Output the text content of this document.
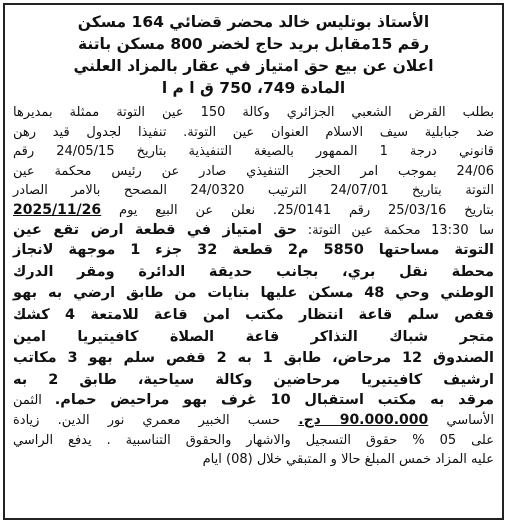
الأستاذ بوتليس خالد محضر قضائي 164 مسكن
رقم 15مقابل بريد حاج لخضر 800 مسكن باتنة
اعلان عن بيع حق امتياز في عقار بالمزاد العلني
المادة 749، 750 ق ا م ا
بطلب القرض الشعبي الجزائري وكالة 150 عين التوتة ممثلة بمديرها
ضد جبابلية سيف الاسلام العنوان عين التوتة. تنفيذا لجدول قيد رهن
قانوني درجة 1 الممهور بالصيغة التنفيذية بتاريخ 24/05/15 رقم
24/06 بموجب امر الحجز التنفيذي صادر عن رئيس محكمة عين
التوتة بتاريخ 24/07/01 الترتيب 24/0320 المصحح بالامر الصادر
بتاريخ 25/03/16 رقم 25/0141. نعلن عن البيع يوم 2025/11/26
سا 13:30 محكمة عين التوتة: حق امتياز في قطعة ارض تقع عين
التوتة مساحتها 5850 م2 قطعة 32 جزء 1 موجهة لانجاز
محطة نقل بري، بجانب حديقة الدائرة ومقر الدرك
الوطني وحي 48 مسكن عليها بنايات من طابق ارضي به بهو
قفص سلم قاعة انتظار مكتب امن قاعة للامتعة 4 كشك
متجر شباك التذاكر قاعة الصلاة كافيتيريا امين
الصندوق 12 مرحاض، طابق 1 به 2 قفص سلم بهو 3 مكاتب
ارشيف كافيتيريا مرحاضين وكالة سياحية، طابق 2 به
مرقد به مكتب استقبال 10 غرف بهو مراحيض حمام. الثمن
الأساسي 90.000.000 دج. حسب الخبير معمري نور الدين. زيادة
على 05 % حقوق التسجيل والاشهار والحقوق التناسبية . يدفع الراسي
عليه المزاد خمس المبلغ حالا و المتبقي خلال (08) ايام
